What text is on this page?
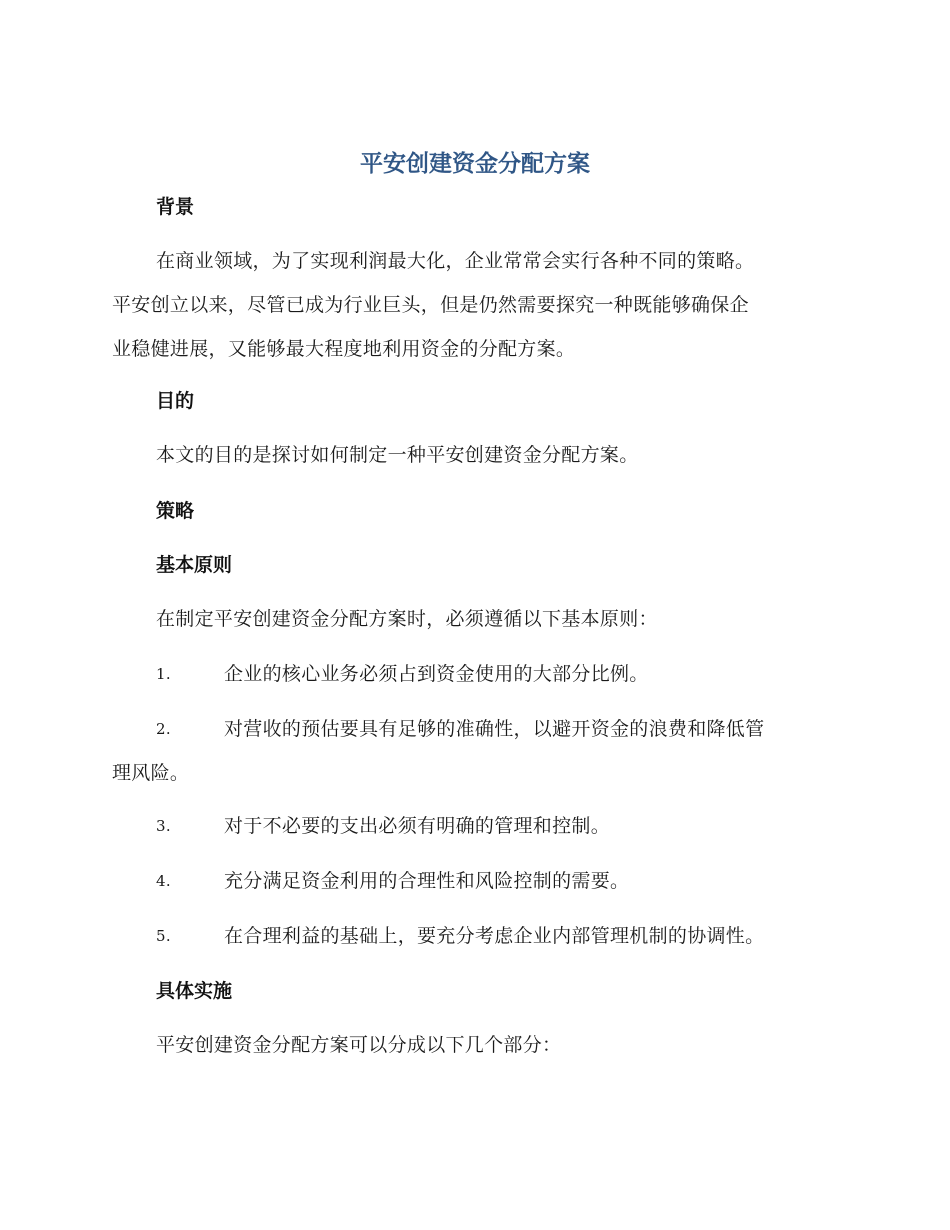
平安创建资金分配方案
背景
在商业领域，为了实现利润最大化，企业常常会实行各种不同的策略。
平安创立以来，尽管已成为行业巨头，但是仍然需要探究一种既能够确保企
业稳健进展，又能够最大程度地利用资金的分配方案。
目的

本文的目的是探讨如何制定一种平安创建资金分配方案。

策略
基本原则

在制定平安创建资金分配方案时，必须遵循以下基本原则：

1.	企业的核心业务必须占到资金使用的大部分比例。
2.	对营收的预估要具有足够的准确性，以避开资金的浪费和降低管
理风险。
3.	对于不必要的支出必须有明确的管理和控制。
4.	充分满足资金利用的合理性和风险控制的需要。
5.	在合理利益的基础上，要充分考虑企业内部管理机制的协调性。
具体实施

平安创建资金分配方案可以分成以下几个部分：
